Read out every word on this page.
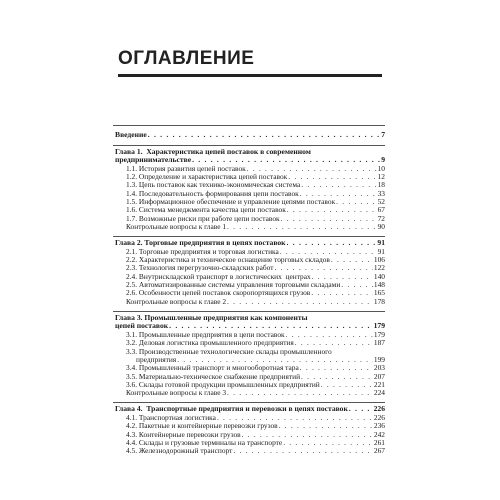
ОГЛАВЛЕНИЕ
Введение . . .	7
Глава 1.  Характеристика цепей поставок в современном
предпринимательстве . . .	9
1.1. История развития цепей поставок . . .	10
1.2. Определение и характеристика цепей поставок . . .	12
1.3. Цепь поставок как технико-экономическая система . . .	18
1.4. Последовательность формирования цепи поставок . . .	33
1.5. Информационное обеспечение и управление цепями поставок . . .	52
1.6. Система менеджмента качества цепи поставок . . .	67
1.7. Возможные риски при работе цепи поставок . . .	72
Контрольные вопросы к главе 1 . . .	90
Глава 2. Торговые предприятия в цепях поставок . . .	91
2.1. Торговые предприятия и торговая логистика . . .	91
2.2. Характеристика и техническое оснащение торговых складов . . .	106
2.3. Технология перегрузочно-складских работ . . .	122
2.4. Внутрискладской транспорт в логистических  центрах . . .	140
2.5. Автоматизированные системы управления торговыми складами . . .	148
2.6. Особенности цепей поставок скоропортящихся грузов . . .	165
Контрольные вопросы к главе 2 . . .	178
Глава 3. Промышленные предприятия как компоненты
цепей поставок . . .	179
3.1. Промышленные предприятия в цепи поставок . . .	179
3.2. Деловая логистика промышленного предприятия . . .	187
3.3. Производственные технологические склады промышленного
предприятия . . .	199
3.4. Промышленный транспорт и многооборотная тара . . .	203
3.5. Материально-техническое снабжение предприятий . . .	207
3.6. Склады готовой продукции промышленных предприятий . . .	221
Контрольные вопросы к главе 3 . . .	224
Глава 4.  Транспортные предприятия и перевозки в цепях поставок . . .	226
4.1. Транспортная логистика . . .	226
4.2. Пакетные и контейнерные перевозки грузов . . .	236
4.3. Контейнерные перевозки грузов . . .	242
4.4. Склады и грузовые терминалы на транспорте . . .	261
4.5. Железнодорожный транспорт . . .	267
